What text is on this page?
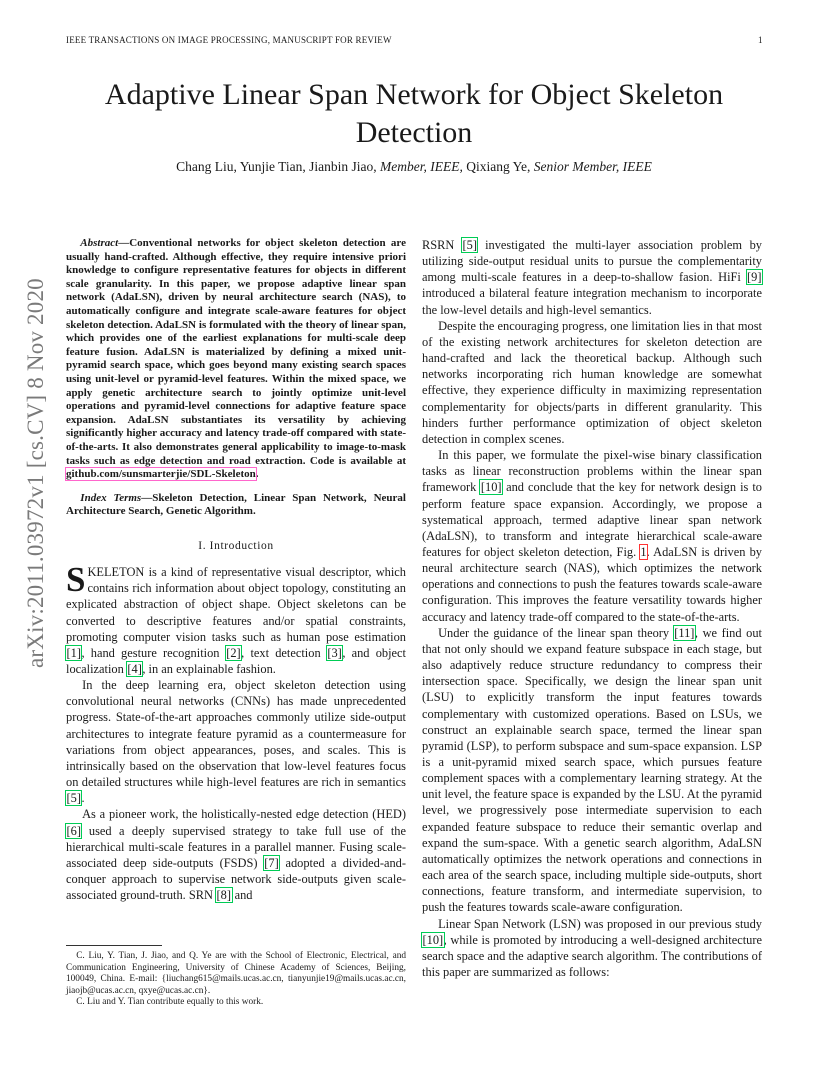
IEEE TRANSACTIONS ON IMAGE PROCESSING, MANUSCRIPT FOR REVIEW	1
arXiv:2011.03972v1 [cs.CV] 8 Nov 2020
Adaptive Linear Span Network for Object Skeleton Detection
Chang Liu, Yunjie Tian, Jianbin Jiao, Member, IEEE, Qixiang Ye, Senior Member, IEEE

Abstract—Conventional networks for object skeleton detection are usually hand-crafted. Although effective, they require intensive priori knowledge to configure representative features for objects in different scale granularity. In this paper, we propose adaptive linear span network (AdaLSN), driven by neural architecture search (NAS), to automatically configure and integrate scale-aware features for object skeleton detection. AdaLSN is formulated with the theory of linear span, which provides one of the earliest explanations for multi-scale deep feature fusion. AdaLSN is materialized by defining a mixed unit-pyramid search space, which goes beyond many existing search spaces using unit-level or pyramid-level features. Within the mixed space, we apply genetic architecture search to jointly optimize unit-level operations and pyramid-level connections for adaptive feature space expansion. AdaLSN substantiates its versatility by achieving significantly higher accuracy and latency trade-off compared with state-of-the-arts. It also demonstrates general applicability to image-to-mask tasks such as edge detection and road extraction. Code is available at github.com/sunsmarterjie/SDL-Skeleton.

Index Terms—Skeleton Detection, Linear Span Network, Neural Architecture Search, Genetic Algorithm.

I. Introduction

SKELETON is a kind of representative visual descriptor, which contains rich information about object topology, constituting an explicated abstraction of object shape. Object skeletons can be converted to descriptive features and/or spatial constraints, promoting computer vision tasks such as human pose estimation [1], hand gesture recognition [2], text detection [3], and object localization [4], in an explainable fashion.

In the deep learning era, object skeleton detection using convolutional neural networks (CNNs) has made unprecedented progress. State-of-the-art approaches commonly utilize side-output architectures to integrate feature pyramid as a countermeasure for variations from object appearances, poses, and scales. This is intrinsically based on the observation that low-level features focus on detailed structures while high-level features are rich in semantics [5].

As a pioneer work, the holistically-nested edge detection (HED) [6] used a deeply supervised strategy to take full use of the hierarchical multi-scale features in a parallel manner. Fusing scale-associated deep side-outputs (FSDS) [7] adopted a divided-and-conquer approach to supervise network side-outputs given scale-associated ground-truth. SRN [8] and

C. Liu, Y. Tian, J. Jiao, and Q. Ye are with the School of Electronic, Electrical, and Communication Engineering, University of Chinese Academy of Sciences, Beijing, 100049, China. E-mail: {liuchang615@mails.ucas.ac.cn, tianyunjie19@mails.ucas.ac.cn, jiaojb@ucas.ac.cn, qxye@ucas.ac.cn}.

C. Liu and Y. Tian contribute equally to this work.

RSRN [5] investigated the multi-layer association problem by utilizing side-output residual units to pursue the complementarity among multi-scale features in a deep-to-shallow fasion. HiFi [9] introduced a bilateral feature integration mechanism to incorporate the low-level details and high-level semantics.

Despite the encouraging progress, one limitation lies in that most of the existing network architectures for skeleton detection are hand-crafted and lack the theoretical backup. Although such networks incorporating rich human knowledge are somewhat effective, they experience difficulty in maximizing representation complementarity for objects/parts in different granularity. This hinders further performance optimization of object skeleton detection in complex scenes.

In this paper, we formulate the pixel-wise binary classification tasks as linear reconstruction problems within the linear span framework [10] and conclude that the key for network design is to perform feature space expansion. Accordingly, we propose a systematical approach, termed adaptive linear span network (AdaLSN), to transform and integrate hierarchical scale-aware features for object skeleton detection, Fig. 1. AdaLSN is driven by neural architecture search (NAS), which optimizes the network operations and connections to push the features towards scale-aware configuration. This improves the feature versatility towards higher accuracy and latency trade-off compared to the state-of-the-arts.

Under the guidance of the linear span theory [11], we find out that not only should we expand feature subspace in each stage, but also adaptively reduce structure redundancy to compress their intersection space. Specifically, we design the linear span unit (LSU) to explicitly transform the input features towards complementary with customized operations. Based on LSUs, we construct an explainable search space, termed the linear span pyramid (LSP), to perform subspace and sum-space expansion. LSP is a unit-pyramid mixed search space, which pursues feature complement spaces with a complementary learning strategy. At the unit level, the feature space is expanded by the LSU. At the pyramid level, we progressively pose intermediate supervision to each expanded feature subspace to reduce their semantic overlap and expand the sum-space. With a genetic search algorithm, AdaLSN automatically optimizes the network operations and connections in each area of the search space, including multiple side-outputs, short connections, feature transform, and intermediate supervision, to push the features towards scale-aware configuration.

Linear Span Network (LSN) was proposed in our previous study [10], while is promoted by introducing a well-designed architecture search space and the adaptive search algorithm. The contributions of this paper are summarized as follows:
